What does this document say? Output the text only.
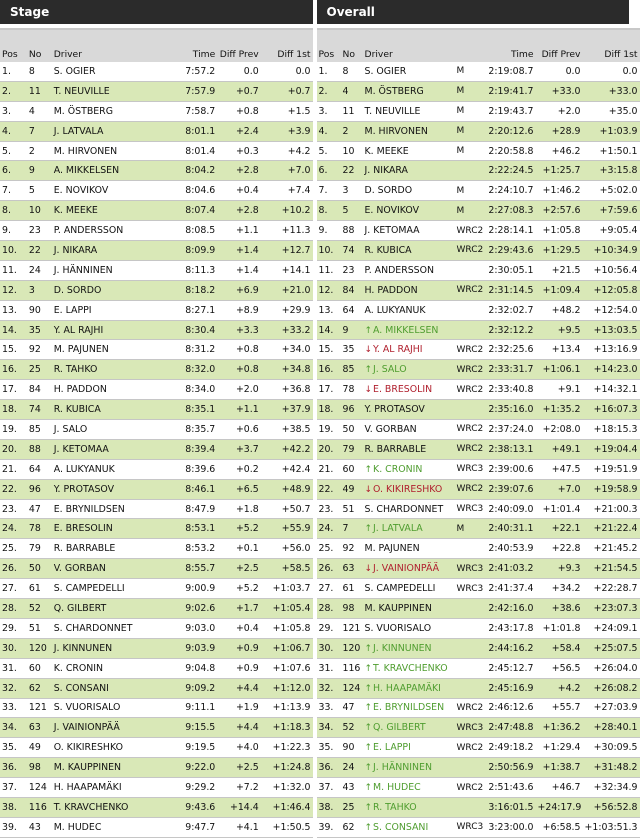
Stage
Pos	No	Driver	Time	Diff Prev	Diff 1st
1.	8	S. OGIER	7:57.2	0.0	0.0
2.	11	T. NEUVILLE	7:57.9	+0.7	+0.7
3.	4	M. ÖSTBERG	7:58.7	+0.8	+1.5
4.	7	J. LATVALA	8:01.1	+2.4	+3.9
5.	2	M. HIRVONEN	8:01.4	+0.3	+4.2
6.	9	A. MIKKELSEN	8:04.2	+2.8	+7.0
7.	5	E. NOVIKOV	8:04.6	+0.4	+7.4
8.	10	K. MEEKE	8:07.4	+2.8	+10.2
9.	23	P. ANDERSSON	8:08.5	+1.1	+11.3
10.	22	J. NIKARA	8:09.9	+1.4	+12.7
11.	24	J. HÄNNINEN	8:11.3	+1.4	+14.1
12.	3	D. SORDO	8:18.2	+6.9	+21.0
13.	90	E. LAPPI	8:27.1	+8.9	+29.9
14.	35	Y. AL RAJHI	8:30.4	+3.3	+33.2
15.	92	M. PAJUNEN	8:31.2	+0.8	+34.0
16.	25	R. TAHKO	8:32.0	+0.8	+34.8
17.	84	H. PADDON	8:34.0	+2.0	+36.8
18.	74	R. KUBICA	8:35.1	+1.1	+37.9
19.	85	J. SALO	8:35.7	+0.6	+38.5
20.	88	J. KETOMAA	8:39.4	+3.7	+42.2
21.	64	A. LUKYANUK	8:39.6	+0.2	+42.4
22.	96	Y. PROTASOV	8:46.1	+6.5	+48.9
23.	47	E. BRYNILDSEN	8:47.9	+1.8	+50.7
24.	78	E. BRESOLIN	8:53.1	+5.2	+55.9
25.	79	R. BARRABLE	8:53.2	+0.1	+56.0
26.	50	V. GORBAN	8:55.7	+2.5	+58.5
27.	61	S. CAMPEDELLI	9:00.9	+5.2	+1:03.7
28.	52	Q. GILBERT	9:02.6	+1.7	+1:05.4
29.	51	S. CHARDONNET	9:03.0	+0.4	+1:05.8
30.	120	J. KINNUNEN	9:03.9	+0.9	+1:06.7
31.	60	K. CRONIN	9:04.8	+0.9	+1:07.6
32.	62	S. CONSANI	9:09.2	+4.4	+1:12.0
33.	121	S. VUORISALO	9:11.1	+1.9	+1:13.9
34.	63	J. VAINIONPÄÄ	9:15.5	+4.4	+1:18.3
35.	49	O. KIKIRESHKO	9:19.5	+4.0	+1:22.3
36.	98	M. KAUPPINEN	9:22.0	+2.5	+1:24.8
37.	124	H. HAAPAMÄKI	9:29.2	+7.2	+1:32.0
38.	116	T. KRAVCHENKO	9:43.6	+14.4	+1:46.4
39.	43	M. HUDEC	9:47.7	+4.1	+1:50.5
Overall
Pos	No	Driver		Time	Diff Prev	Diff 1st
1.	8	S. OGIER	M	2:19:08.7	0.0	0.0
2.	4	M. ÖSTBERG	M	2:19:41.7	+33.0	+33.0
3.	11	T. NEUVILLE	M	2:19:43.7	+2.0	+35.0
4.	2	M. HIRVONEN	M	2:20:12.6	+28.9	+1:03.9
5.	10	K. MEEKE	M	2:20:58.8	+46.2	+1:50.1
6.	22	J. NIKARA		2:22:24.5	+1:25.7	+3:15.8
7.	3	D. SORDO	M	2:24:10.7	+1:46.2	+5:02.0
8.	5	E. NOVIKOV	M	2:27:08.3	+2:57.6	+7:59.6
9.	88	J. KETOMAA	WRC2	2:28:14.1	+1:05.8	+9:05.4
10.	74	R. KUBICA	WRC2	2:29:43.6	+1:29.5	+10:34.9
11.	23	P. ANDERSSON		2:30:05.1	+21.5	+10:56.4
12.	84	H. PADDON	WRC2	2:31:14.5	+1:09.4	+12:05.8
13.	64	A. LUKYANUK		2:32:02.7	+48.2	+12:54.0
14.	9	↑A. MIKKELSEN		2:32:12.2	+9.5	+13:03.5
15.	35	↓Y. AL RAJHI	WRC2	2:32:25.6	+13.4	+13:16.9
16.	85	↑J. SALO	WRC2	2:33:31.7	+1:06.1	+14:23.0
17.	78	↓E. BRESOLIN	WRC2	2:33:40.8	+9.1	+14:32.1
18.	96	Y. PROTASOV		2:35:16.0	+1:35.2	+16:07.3
19.	50	V. GORBAN	WRC2	2:37:24.0	+2:08.0	+18:15.3
20.	79	R. BARRABLE	WRC2	2:38:13.1	+49.1	+19:04.4
21.	60	↑K. CRONIN	WRC3	2:39:00.6	+47.5	+19:51.9
22.	49	↓O. KIKIRESHKO	WRC2	2:39:07.6	+7.0	+19:58.9
23.	51	S. CHARDONNET	WRC3	2:40:09.0	+1:01.4	+21:00.3
24.	7	↑J. LATVALA	M	2:40:31.1	+22.1	+21:22.4
25.	92	M. PAJUNEN		2:40:53.9	+22.8	+21:45.2
26.	63	↓J. VAINIONPÄÄ	WRC3	2:41:03.2	+9.3	+21:54.5
27.	61	S. CAMPEDELLI	WRC3	2:41:37.4	+34.2	+22:28.7
28.	98	M. KAUPPINEN		2:42:16.0	+38.6	+23:07.3
29.	121	S. VUORISALO		2:43:17.8	+1:01.8	+24:09.1
30.	120	↑J. KINNUNEN		2:44:16.2	+58.4	+25:07.5
31.	116	↑T. KRAVCHENKO		2:45:12.7	+56.5	+26:04.0
32.	124	↑H. HAAPAMÄKI		2:45:16.9	+4.2	+26:08.2
33.	47	↑E. BRYNILDSEN	WRC2	2:46:12.6	+55.7	+27:03.9
34.	52	↑Q. GILBERT	WRC3	2:47:48.8	+1:36.2	+28:40.1
35.	90	↑E. LAPPI	WRC2	2:49:18.2	+1:29.4	+30:09.5
36.	24	↑J. HÄNNINEN		2:50:56.9	+1:38.7	+31:48.2
37.	43	↑M. HUDEC	WRC2	2:51:43.6	+46.7	+32:34.9
38.	25	↑R. TAHKO		3:16:01.5	+24:17.9	+56:52.8
39.	62	↑S. CONSANI	WRC3	3:23:00.0	+6:58.5	+1:03:51.3
